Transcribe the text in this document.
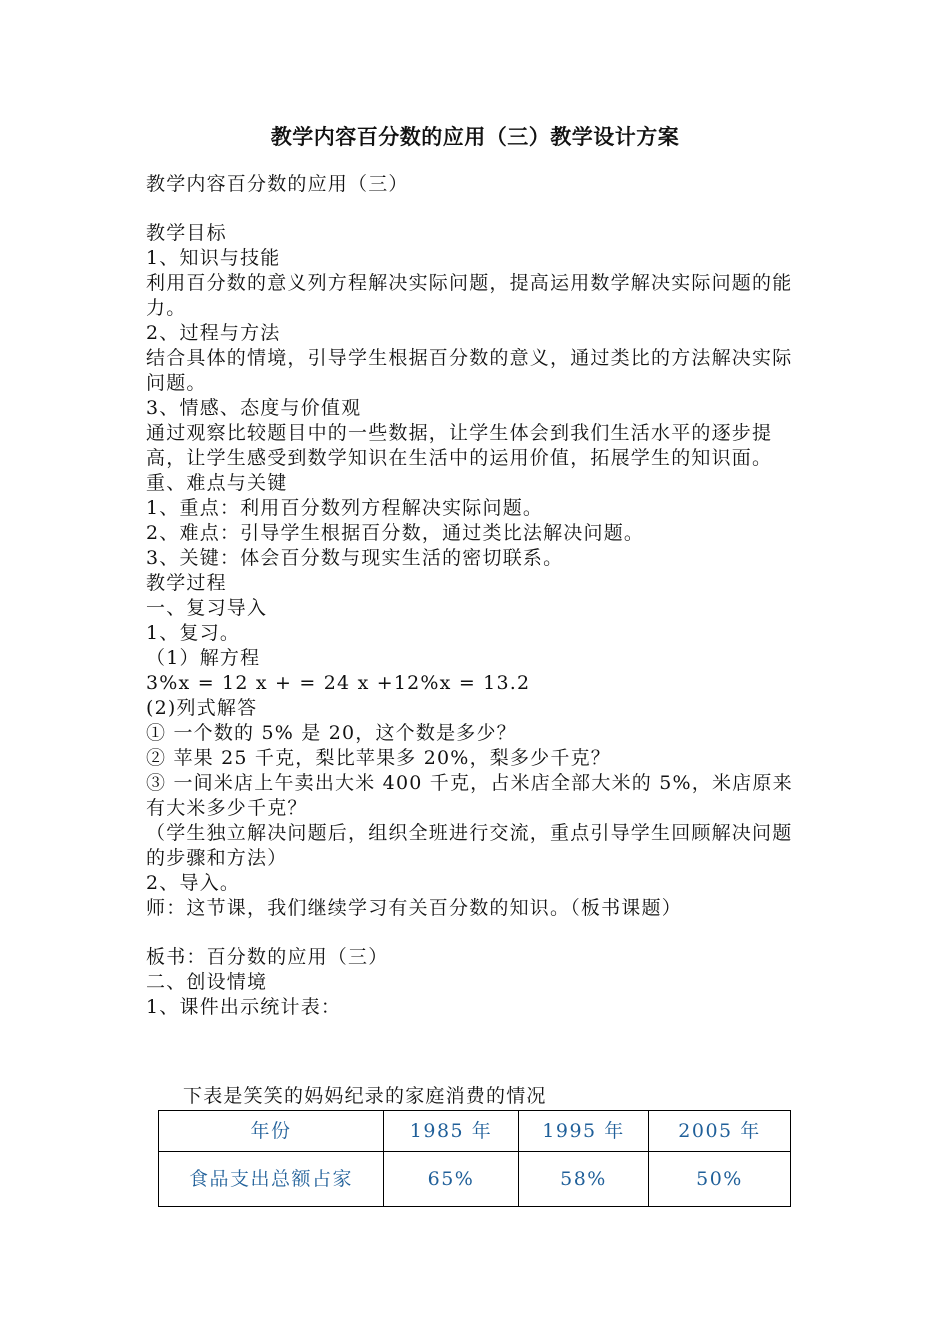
教学内容百分数的应用（三）教学设计方案

教学内容百分数的应用（三）

教学目标

1、知识与技能

利用百分数的意义列方程解决实际问题，提高运用数学解决实际问题的能力。

2、过程与方法

结合具体的情境，引导学生根据百分数的意义，通过类比的方法解决实际问题。

3、情感、态度与价值观

通过观察比较题目中的一些数据，让学生体会到我们生活水平的逐步提高，让学生感受到数学知识在生活中的运用价值，拓展学生的知识面。

重、难点与关键

1、重点：利用百分数列方程解决实际问题。

2、难点：引导学生根据百分数，通过类比法解决问题。

3、关键：体会百分数与现实生活的密切联系。

教学过程

一、复习导入

1、复习。

（1）解方程

3%x = 12 x + = 24 x +12%x = 13.2

(2)列式解答

① 一个数的 5% 是 20，这个数是多少？

② 苹果 25 千克，梨比苹果多 20%，梨多少千克？

③ 一间米店上午卖出大米 400 千克，占米店全部大米的 5%，米店原来有大米多少千克？

（学生独立解决问题后，组织全班进行交流，重点引导学生回顾解决问题的步骤和方法）

2、导入。

师：这节课，我们继续学习有关百分数的知识。（板书课题）

板书：百分数的应用（三）

二、创设情境

1、课件出示统计表：

下表是笑笑的妈妈纪录的家庭消费的情况
年份	1985 年	1995 年	2005 年
食品支出总额占家	65%	58%	50%
